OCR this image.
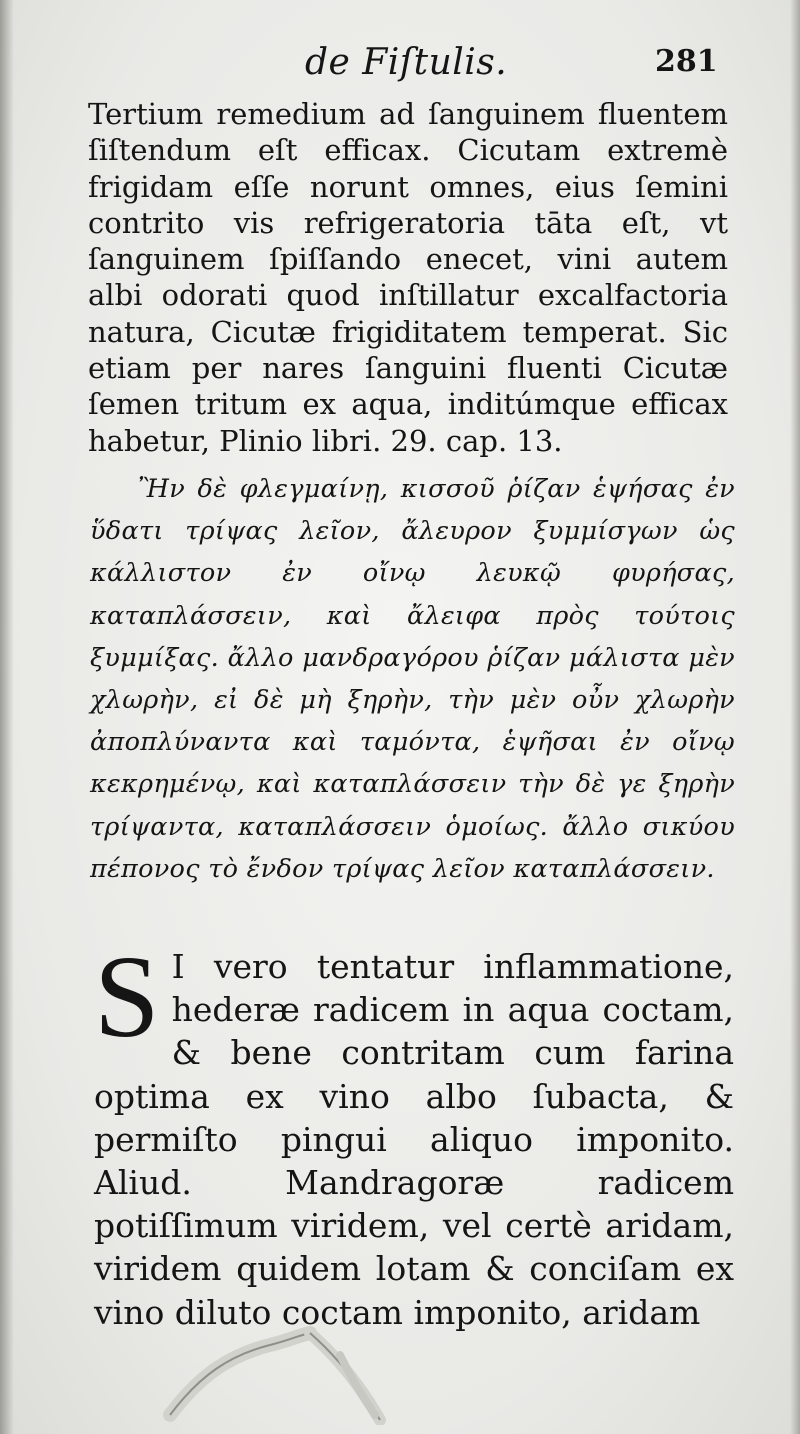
de Fiſtulis.	281

Tertium remedium ad ſanguinem fluentem ſiſtendum eſt efficax. Cicutam extremè frigidam eſſe norunt omnes, eius ſemini contrito vis refrigeratoria tāta eſt, vt ſanguinem ſpiſſando enecet, vini autem albi odorati quod inſtillatur excalfactoria natura, Cicutæ frigiditatem temperat. Sic etiam per nares ſanguini fluenti Cicutæ ſemen tritum ex aqua, inditúmque efficax habetur, Plinio libri. 29. cap. 13.

Ἢν δὲ φλεγμαίνῃ, κισσοῦ ῥίζαν ἑψήσας ἐν ὕδατι τρίψας λεῖον, ἄλευρον ξυμμίσγων ὡς κάλλιστον ἐν οἴνῳ λευκῷ φυρήσας, καταπλάσσειν, καὶ ἄλειφα πρὸς τούτοις ξυμμίξας. ἄλλο μανδραγόρου ῥίζαν μάλιστα μὲν χλωρὴν, εἰ δὲ μὴ ξηρὴν, τὴν μὲν οὖν χλωρὴν ἀποπλύναντα καὶ ταμόντα, ἑψῆσαι ἐν οἴνῳ κεκρημένῳ, καὶ καταπλάσσειν τὴν δὲ γε ξηρὴν τρίψαντα, καταπλάσσειν ὁμοίως. ἄλλο σικύου πέπονος τὸ ἔνδον τρίψας λεῖον καταπλάσσειν.

S I vero tentatur inflammatione, hederæ radicem in aqua coctam, & bene contritam cum farina optima ex vino albo ſubacta, & permiſto pingui aliquo imponito. Aliud. Mandragoræ radicem potiſſimum viridem, vel certè aridam, viridem quidem lotam & conciſam ex vino diluto coctam imponito, aridam
